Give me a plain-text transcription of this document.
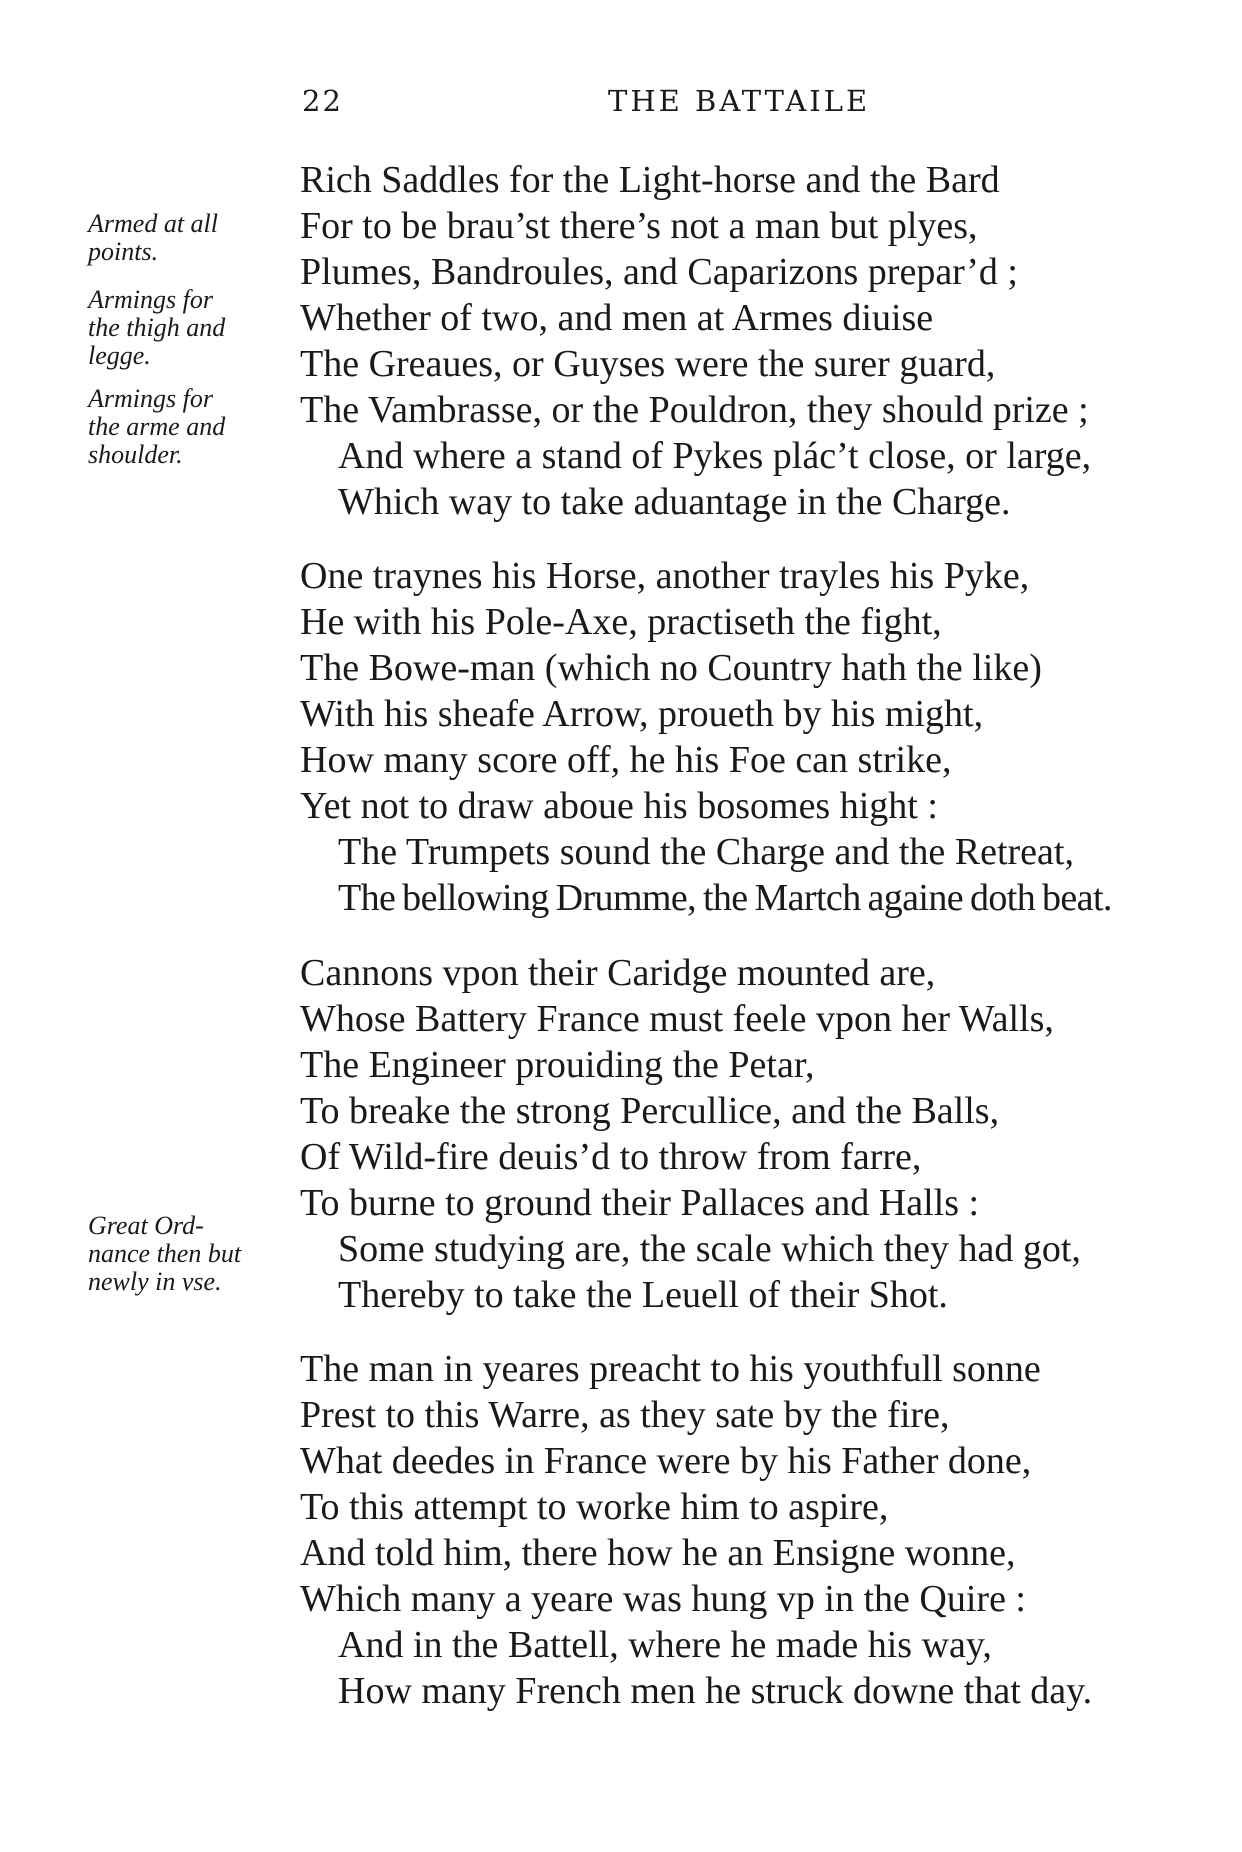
22	THE BATTAILE
Armed at all
points.
Armings for
the thigh and
legge.
Armings for
the arme and
shoulder.
Great Ord-
nance then but
newly in vse.
Rich Saddles for the Light-horse and the Bard
For to be brau’st there’s not a man but plyes,
Plumes, Bandroules, and Caparizons prepar’d ;
Whether of two, and men at Armes diuise
The Greaues, or Guyses were the surer guard,
The Vambrasse, or the Pouldron, they should prize ;
And where a stand of Pykes plác’t close, or large,
Which way to take aduantage in the Charge.
One traynes his Horse, another trayles his Pyke,
He with his Pole-Axe, practiseth the fight,
The Bowe-man (which no Country hath the like)
With his sheafe Arrow, proueth by his might,
How many score off, he his Foe can strike,
Yet not to draw aboue his bosomes hight :
The Trumpets sound the Charge and the Retreat,
The bellowing Drumme, the Martch againe doth beat.
Cannons vpon their Caridge mounted are,
Whose Battery France must feele vpon her Walls,
The Engineer prouiding the Petar,
To breake the strong Percullice, and the Balls,
Of Wild-fire deuis’d to throw from farre,
To burne to ground their Pallaces and Halls :
Some studying are, the scale which they had got,
Thereby to take the Leuell of their Shot.
The man in yeares preacht to his youthfull sonne
Prest to this Warre, as they sate by the fire,
What deedes in France were by his Father done,
To this attempt to worke him to aspire,
And told him, there how he an Ensigne wonne,
Which many a yeare was hung vp in the Quire :
And in the Battell, where he made his way,
How many French men he struck downe that day.
